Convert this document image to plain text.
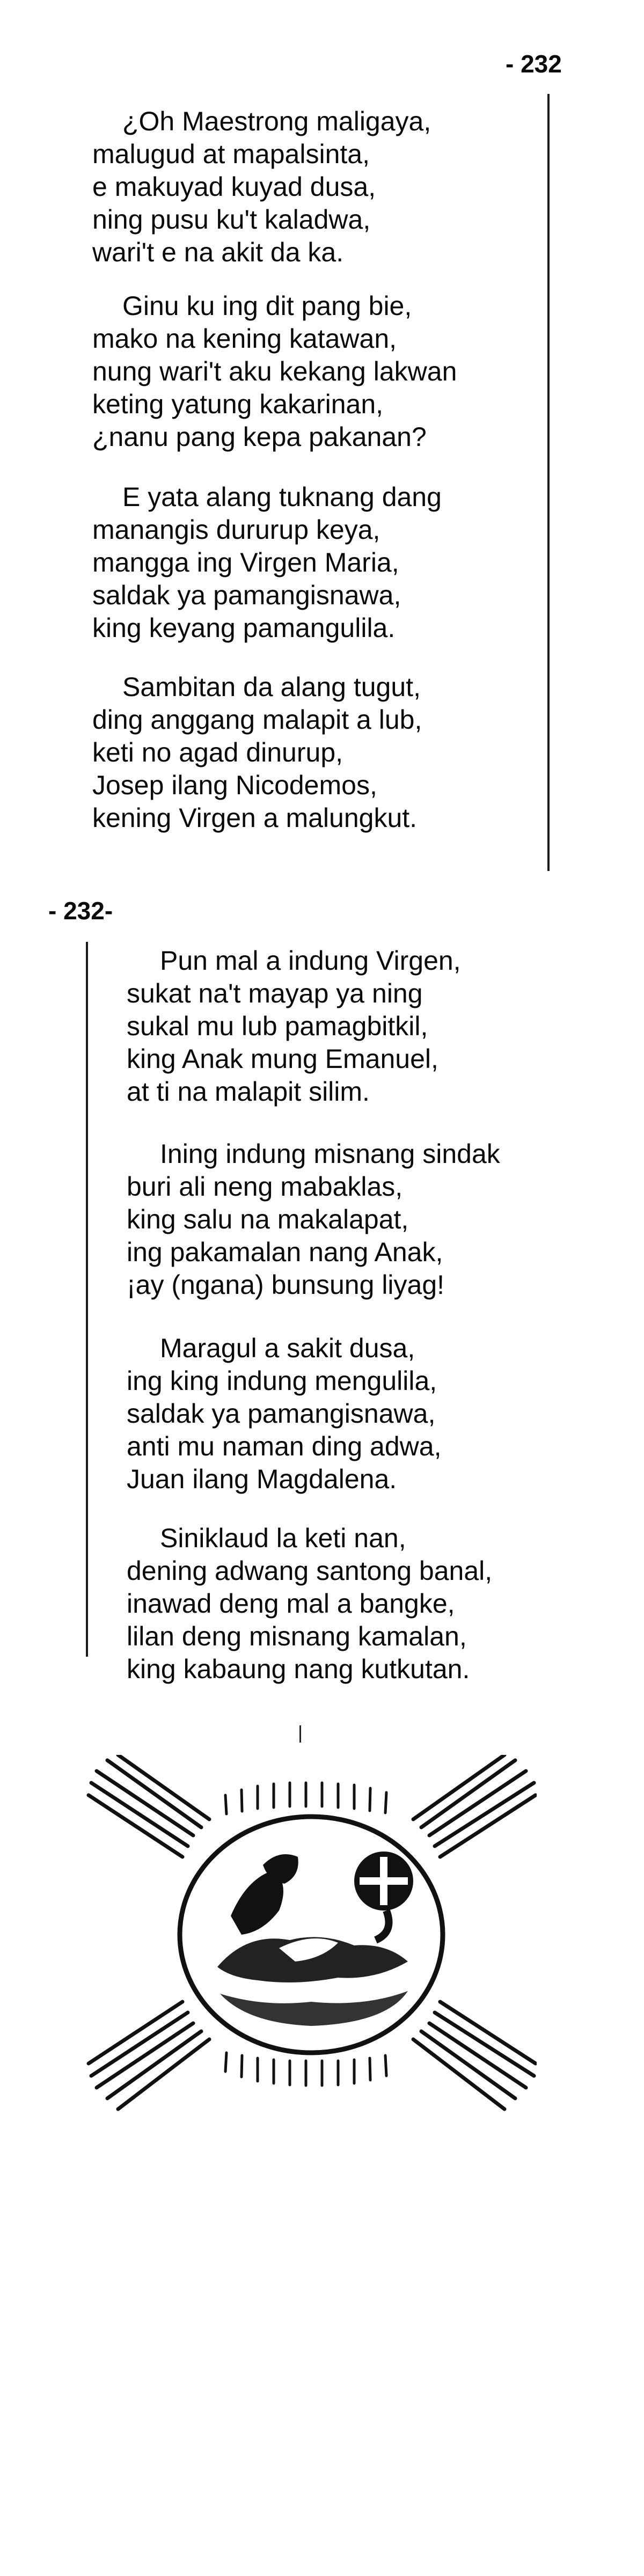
- 232
¿Oh Maestrong maligaya,
malugud at mapalsinta,
e makuyad kuyad dusa,
ning pusu ku't kaladwa,
wari't e na akit da ka.
Ginu ku ing dit pang bie,
mako na kening katawan,
nung wari't aku kekang lakwan
keting yatung kakarinan,
¿nanu pang kepa pakanan?
E yata alang tuknang dang
manangis dururup keya,
mangga ing Virgen Maria,
saldak ya pamangisnawa,
king keyang pamangulila.
Sambitan da alang tugut,
ding anggang malapit a lub,
keti no agad dinurup,
Josep ilang Nicodemos,
kening Virgen a malungkut.
- 232-
Pun mal a indung Virgen,
sukat na't mayap ya ning
sukal mu lub pamagbitkil,
king Anak mung Emanuel,
at ti na malapit silim.
Ining indung misnang sindak
buri ali neng mabaklas,
king salu na makalapat,
ing pakamalan nang Anak,
¡ay (ngana) bunsung liyag!
Maragul a sakit dusa,
ing king indung mengulila,
saldak ya pamangisnawa,
anti mu naman ding adwa,
Juan ilang Magdalena.
Siniklaud la keti nan,
dening adwang santong banal,
inawad deng mal a bangke,
lilan deng misnang kamalan,
king kabaung nang kutkutan.
